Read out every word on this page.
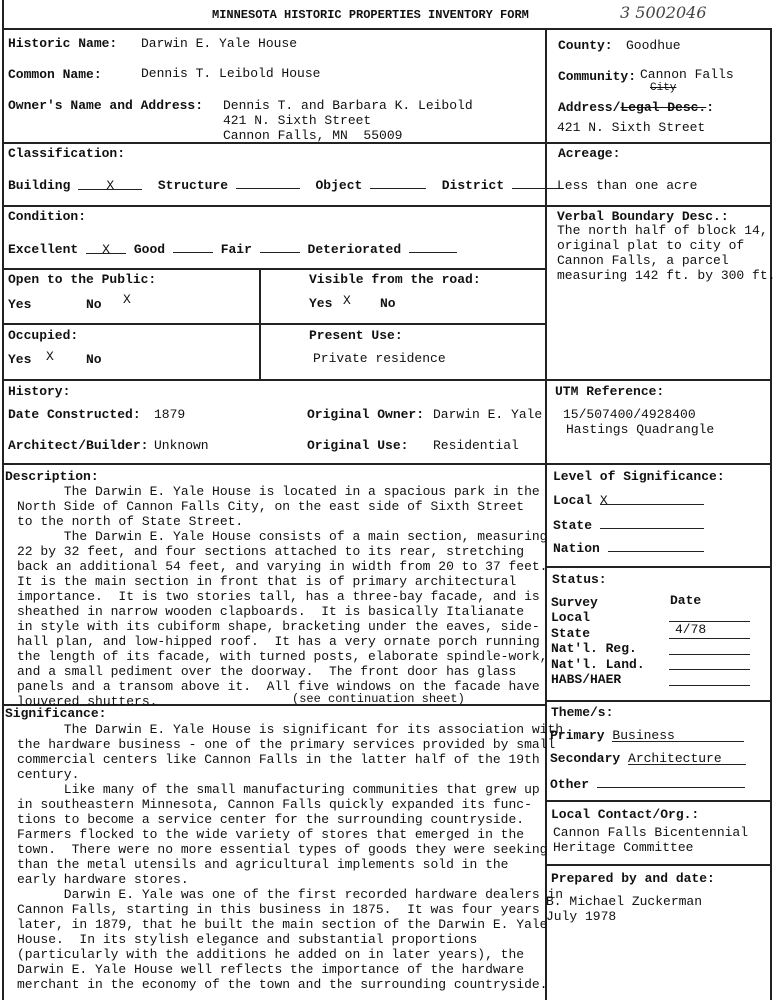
MINNESOTA HISTORIC PROPERTIES INVENTORY FORM	3 5002046
Historic Name: Darwin E. Yale House
Common Name:	Dennis T. Leibold House
Owner's Name and Address: Dennis T. and Barbara K. Leibold
421 N. Sixth Street
Cannon Falls, MN  55009
County: Goodhue
Community: Cannon Falls
City
Address/Legal Desc.:
421 N. Sixth Street
Classification:
Building	X	Structure	Object	District
Acreage:
Less than one acre
Condition:
Excellent X Good	Fair	Deteriorated
Verbal Boundary Desc.:
The north half of block 14,
original plat to city of
Cannon Falls, a parcel
measuring 142 ft. by 300 ft.
Open to the Public:
Yes	No X
Visible from the road:
Yes X No
Occupied:
Yes X No
Present Use:
Private residence
History:
Date Constructed: 1879	Original Owner: Darwin E. Yale
Architect/Builder: Unknown	Original Use: Residential
UTM Reference:
15/507400/4928400
Hastings Quadrangle
Description:
The Darwin E. Yale House is located in a spacious park in the
North Side of Cannon Falls City, on the east side of Sixth Street
to the north of State Street.
The Darwin E. Yale House consists of a main section, measuring
22 by 32 feet, and four sections attached to its rear, stretching
back an additional 54 feet, and varying in width from 20 to 37 feet.
It is the main section in front that is of primary architectural
importance.  It is two stories tall, has a three-bay facade, and is
sheathed in narrow wooden clapboards.  It is basically Italianate
in style with its cubiform shape, bracketing under the eaves, side-
hall plan, and low-hipped roof.  It has a very ornate porch running
the length of its facade, with turned posts, elaborate spindle-work,
and a small pediment over the doorway.  The front door has glass
panels and a transom above it.  All five windows on the facade have
louvered shutters.	(see continuation sheet)
Level of Significance:
Local X
State
Nation
Status:
Survey	Date
Local
State	4/78
Nat'l. Reg.
Nat'l. Land.
HABS/HAER
Significance:
The Darwin E. Yale House is significant for its association with
the hardware business - one of the primary services provided by small
commercial centers like Cannon Falls in the latter half of the 19th
century.
Like many of the small manufacturing communities that grew up
in southeastern Minnesota, Cannon Falls quickly expanded its func-
tions to become a service center for the surrounding countryside.
Farmers flocked to the wide variety of stores that emerged in the
town.  There were no more essential types of goods they were seeking
than the metal utensils and agricultural implements sold in the
early hardware stores.
Darwin E. Yale was one of the first recorded hardware dealers in
Cannon Falls, starting in this business in 1875.  It was four years
later, in 1879, that he built the main section of the Darwin E. Yale
House.  In its stylish elegance and substantial proportions
(particularly with the additions he added on in later years), the
Darwin E. Yale House well reflects the importance of the hardware
merchant in the economy of the town and the surrounding countryside.
Theme/s:
Primary Business
Secondary Architecture
Other
Local Contact/Org.:
Cannon Falls Bicentennial
Heritage Committee
Prepared by and date:
B. Michael Zuckerman
July 1978
